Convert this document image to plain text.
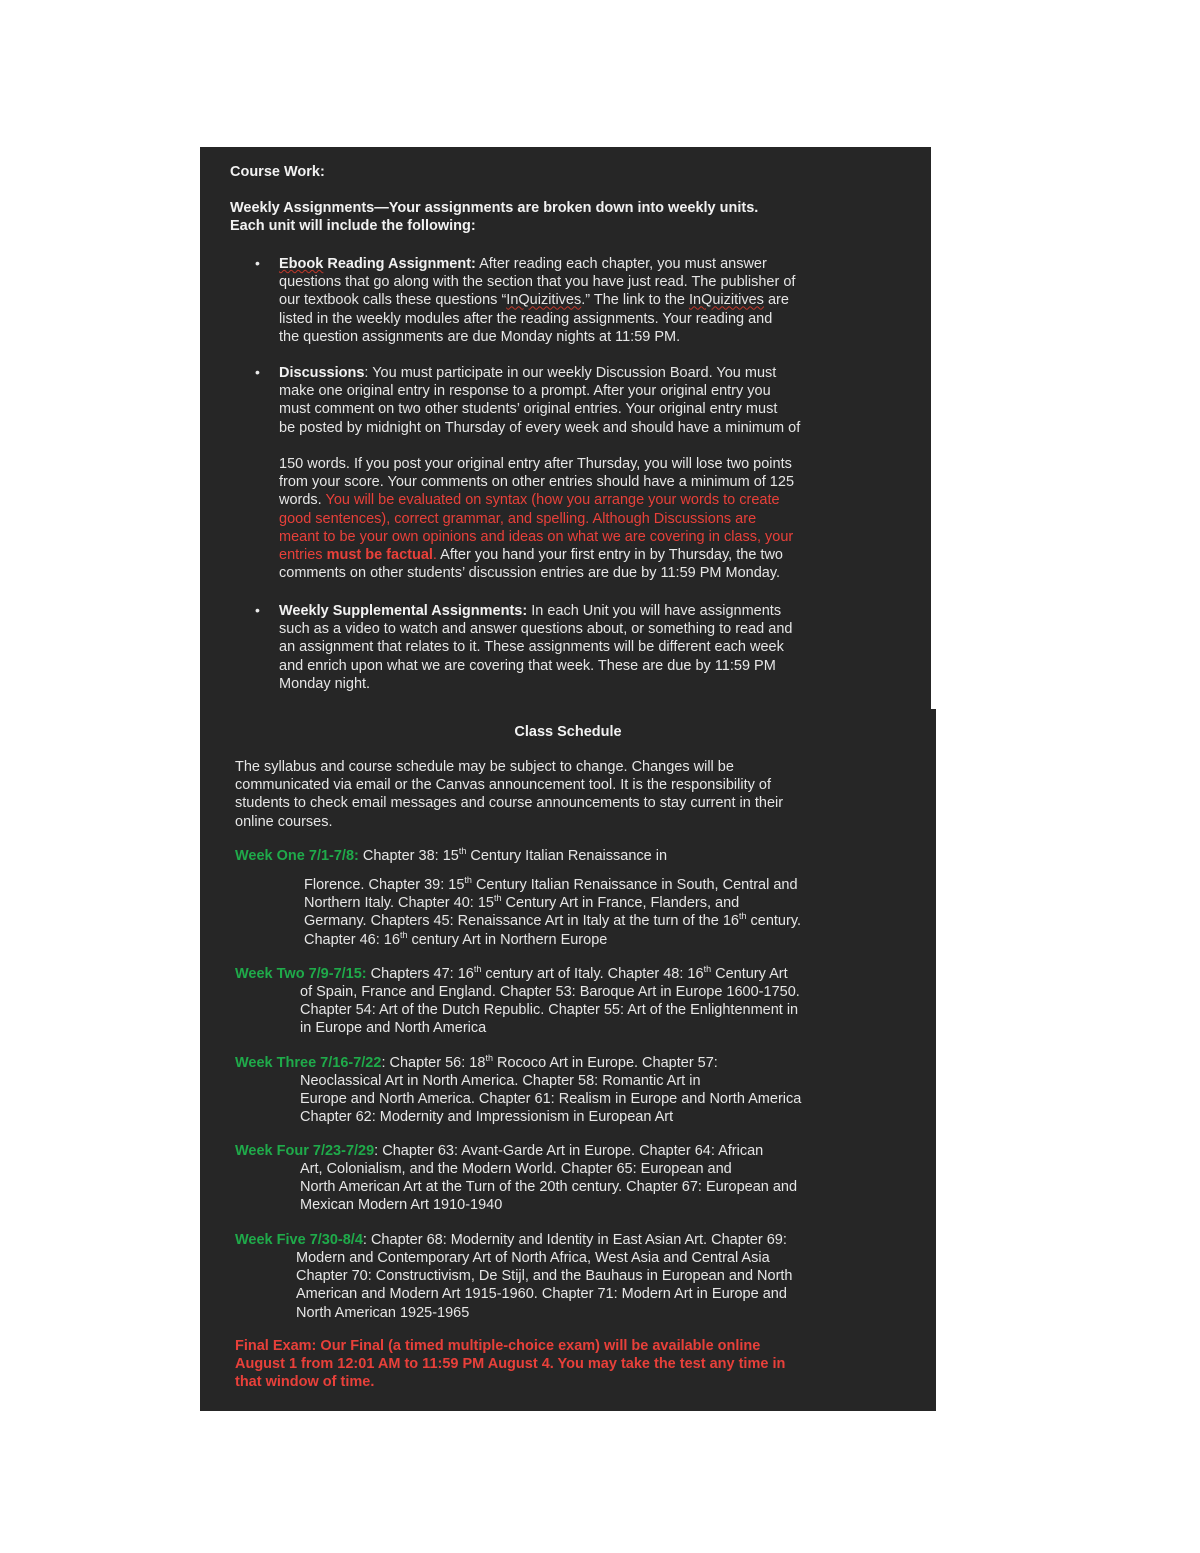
Course Work:
Weekly Assignments—Your assignments are broken down into weekly units.
Each unit will include the following:
• Ebook Reading Assignment: After reading each chapter, you must answer
questions that go along with the section that you have just read. The publisher of
our textbook calls these questions “InQuizitives.” The link to the InQuizitives are
listed in the weekly modules after the reading assignments. Your reading and
the question assignments are due Monday nights at 11:59 PM.
• Discussions: You must participate in our weekly Discussion Board. You must
make one original entry in response to a prompt. After your original entry you
must comment on two other students’ original entries. Your original entry must
be posted by midnight on Thursday of every week and should have a minimum of
150 words. If you post your original entry after Thursday, you will lose two points
from your score. Your comments on other entries should have a minimum of 125
words. You will be evaluated on syntax (how you arrange your words to create
good sentences), correct grammar, and spelling. Although Discussions are
meant to be your own opinions and ideas on what we are covering in class, your
entries must be factual. After you hand your first entry in by Thursday, the two
comments on other students’ discussion entries are due by 11:59 PM Monday.
• Weekly Supplemental Assignments: In each Unit you will have assignments
such as a video to watch and answer questions about, or something to read and
an assignment that relates to it. These assignments will be different each week
and enrich upon what we are covering that week. These are due by 11:59 PM
Monday night.
Class Schedule
The syllabus and course schedule may be subject to change. Changes will be
communicated via email or the Canvas announcement tool. It is the responsibility of
students to check email messages and course announcements to stay current in their
online courses.
Week One 7/1-7/8: Chapter 38: 15th Century Italian Renaissance in
Florence. Chapter 39: 15th Century Italian Renaissance in South, Central and
Northern Italy. Chapter 40: 15th Century Art in France, Flanders, and
Germany. Chapters 45: Renaissance Art in Italy at the turn of the 16th century.
Chapter 46: 16th century Art in Northern Europe
Week Two 7/9-7/15: Chapters 47: 16th century art of Italy. Chapter 48: 16th Century Art
of Spain, France and England. Chapter 53: Baroque Art in Europe 1600-1750.
Chapter 54: Art of the Dutch Republic. Chapter 55: Art of the Enlightenment in
in Europe and North America
Week Three 7/16-7/22: Chapter 56: 18th Rococo Art in Europe. Chapter 57:
Neoclassical Art in North America. Chapter 58: Romantic Art in
Europe and North America. Chapter 61: Realism in Europe and North America
Chapter 62: Modernity and Impressionism in European Art
Week Four 7/23-7/29: Chapter 63: Avant-Garde Art in Europe. Chapter 64: African
Art, Colonialism, and the Modern World. Chapter 65: European and
North American Art at the Turn of the 20th century. Chapter 67: European and
Mexican Modern Art 1910-1940
Week Five 7/30-8/4: Chapter 68: Modernity and Identity in East Asian Art. Chapter 69:
Modern and Contemporary Art of North Africa, West Asia and Central Asia
Chapter 70: Constructivism, De Stijl, and the Bauhaus in European and North
American and Modern Art 1915-1960. Chapter 71: Modern Art in Europe and
North American 1925-1965
Final Exam: Our Final (a timed multiple-choice exam) will be available online
August 1 from 12:01 AM to 11:59 PM August 4. You may take the test any time in
that window of time.
